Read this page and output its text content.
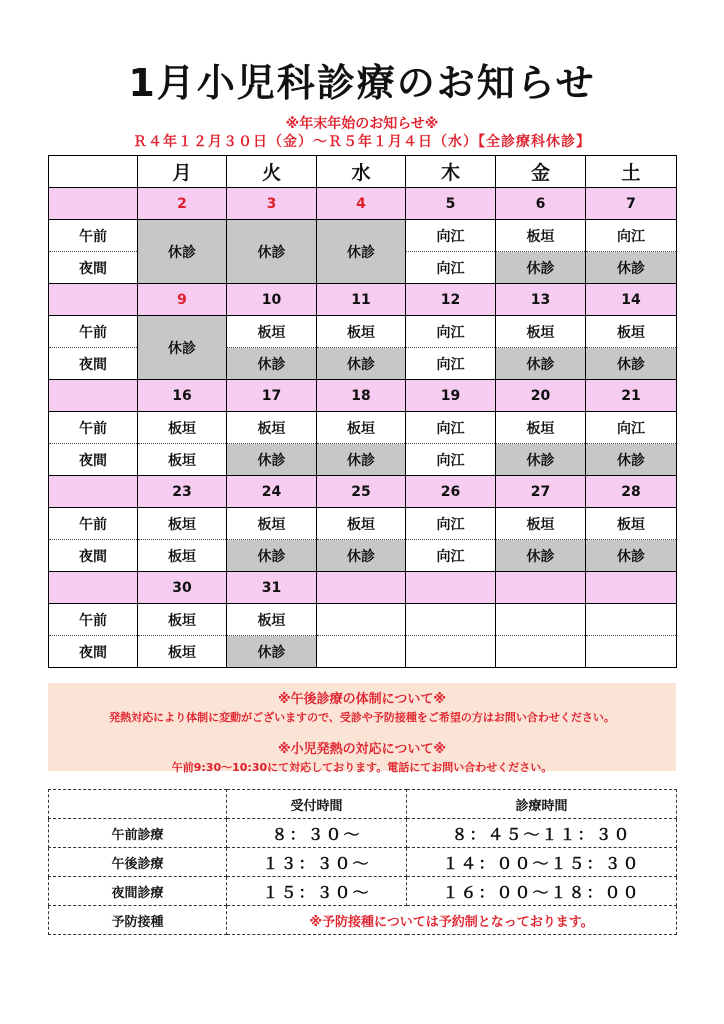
1月小児科診療のお知らせ
※年末年始のお知らせ※
Ｒ４年１２月３０日（金）～Ｒ５年１月４日（水）【全診療科休診】
	月	火	水	木	金	土
	2	3	4	5	6	7
午前	休診	休診	休診	向江	板垣	向江
夜間				向江	休診	休診
	9	10	11	12	13	14
午前	休診	板垣	板垣	向江	板垣	板垣
夜間		休診	休診	向江	休診	休診
	16	17	18	19	20	21
午前	板垣	板垣	板垣	向江	板垣	向江
夜間	板垣	休診	休診	向江	休診	休診
	23	24	25	26	27	28
午前	板垣	板垣	板垣	向江	板垣	板垣
夜間	板垣	休診	休診	向江	休診	休診
	30	31				
午前	板垣	板垣				
夜間	板垣	休診				
※午後診療の体制について※
発熱対応により体制に変動がございますので、受診や予防接種をご希望の方はお問い合わせください。
※小児発熱の対応について※
午前9:30～10:30にて対応しております。電話にてお問い合わせください。
	受付時間	診療時間
午前診療	８：３０～	８：４５～１１：３０
午後診療	１３：３０～	１４：００～１５：３０
夜間診療	１５：３０～	１６：００～１８：００
予防接種	※予防接種については予約制となっております。	
